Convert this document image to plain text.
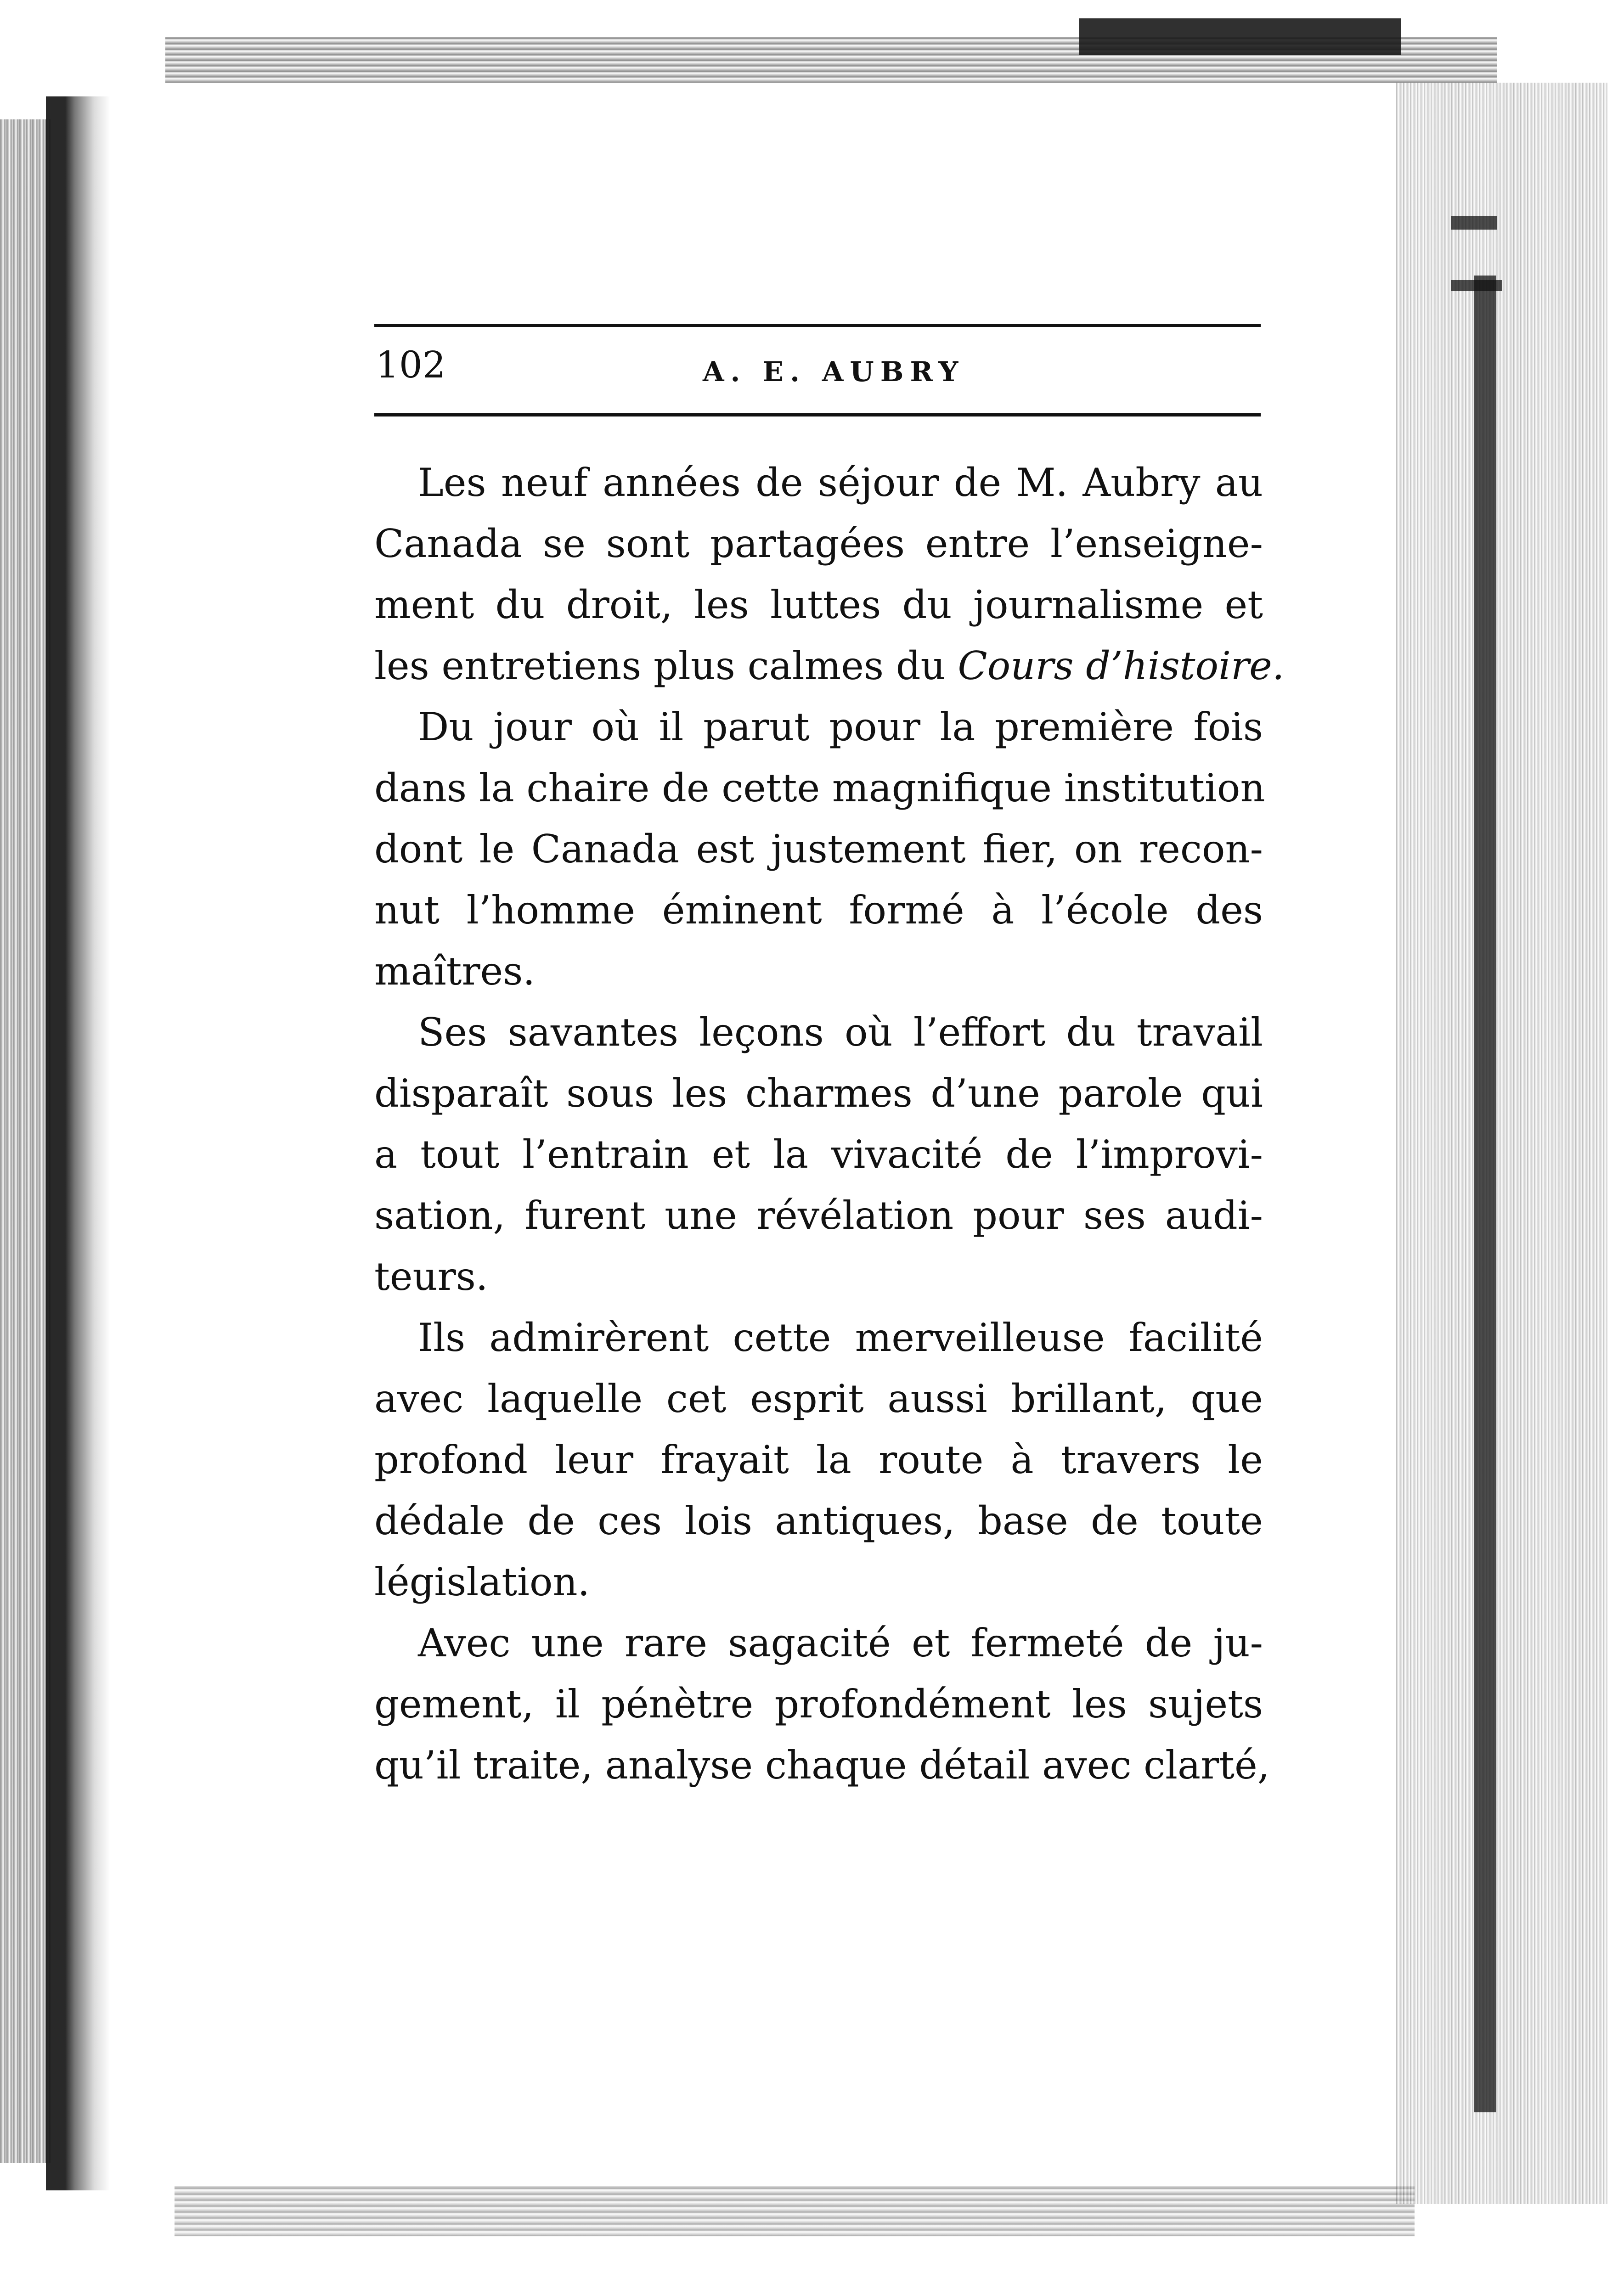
102	A. E. AUBRY
Les neuf années de séjour de M. Aubry au
Canada se sont partagées entre l’enseigne-
ment du droit, les luttes du journalisme et
les entretiens plus calmes du Cours d’histoire.
Du jour où il parut pour la première fois
dans la chaire de cette magnifique institution
dont le Canada est justement fier, on recon-
nut l’homme éminent formé à l’école des
maîtres.
Ses savantes leçons où l’effort du travail
disparaît sous les charmes d’une parole qui
a tout l’entrain et la vivacité de l’improvi-
sation, furent une révélation pour ses audi-
teurs.
Ils admirèrent cette merveilleuse facilité
avec laquelle cet esprit aussi brillant, que
profond leur frayait la route à travers le
dédale de ces lois antiques, base de toute
législation.
Avec une rare sagacité et fermeté de ju-
gement, il pénètre profondément les sujets
qu’il traite, analyse chaque détail avec clarté,
